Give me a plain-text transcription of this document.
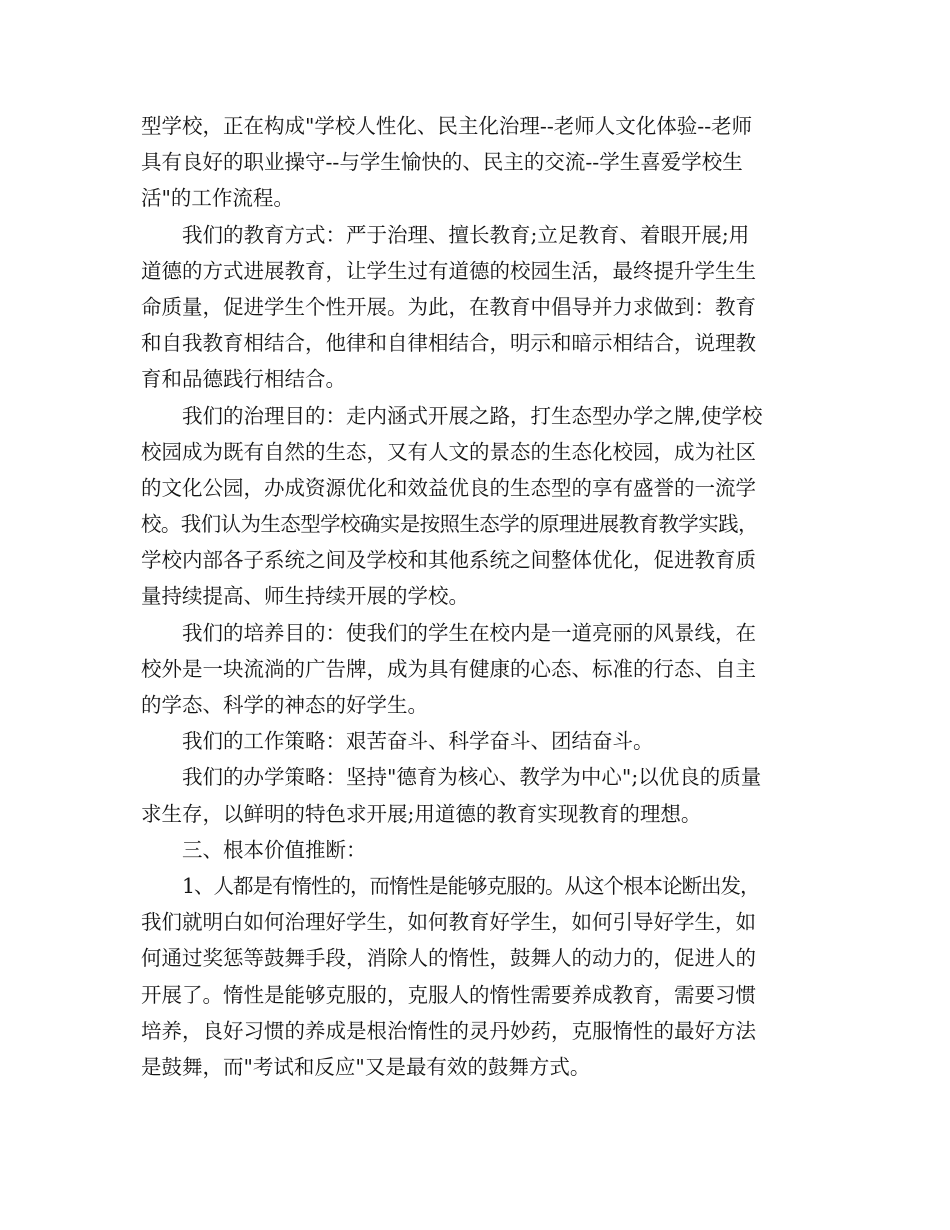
型学校，正在构成"学校人性化、民主化治理--老师人文化体验--老师
具有良好的职业操守--与学生愉快的、民主的交流--学生喜爱学校生
活"的工作流程。
我们的教育方式：严于治理、擅长教育;立足教育、着眼开展;用
道德的方式进展教育，让学生过有道德的校园生活，最终提升学生生
命质量，促进学生个性开展。为此，在教育中倡导并力求做到：教育
和自我教育相结合，他律和自律相结合，明示和暗示相结合，说理教
育和品德践行相结合。
我们的治理目的：走内涵式开展之路，打生态型办学之牌,使学校
校园成为既有自然的生态，又有人文的景态的生态化校园，成为社区
的文化公园，办成资源优化和效益优良的生态型的享有盛誉的一流学
校。我们认为生态型学校确实是按照生态学的原理进展教育教学实践，
学校内部各子系统之间及学校和其他系统之间整体优化，促进教育质
量持续提高、师生持续开展的学校。
我们的培养目的：使我们的学生在校内是一道亮丽的风景线，在
校外是一块流淌的广告牌，成为具有健康的心态、标准的行态、自主
的学态、科学的神态的好学生。
我们的工作策略：艰苦奋斗、科学奋斗、团结奋斗。
我们的办学策略：坚持"德育为核心、教学为中心";以优良的质量
求生存，以鲜明的特色求开展;用道德的教育实现教育的理想。
三、根本价值推断：
1、人都是有惰性的，而惰性是能够克服的。从这个根本论断出发，
我们就明白如何治理好学生，如何教育好学生，如何引导好学生，如
何通过奖惩等鼓舞手段，消除人的惰性，鼓舞人的动力的，促进人的
开展了。惰性是能够克服的，克服人的惰性需要养成教育，需要习惯
培养，良好习惯的养成是根治惰性的灵丹妙药，克服惰性的最好方法
是鼓舞，而"考试和反应"又是最有效的鼓舞方式。
